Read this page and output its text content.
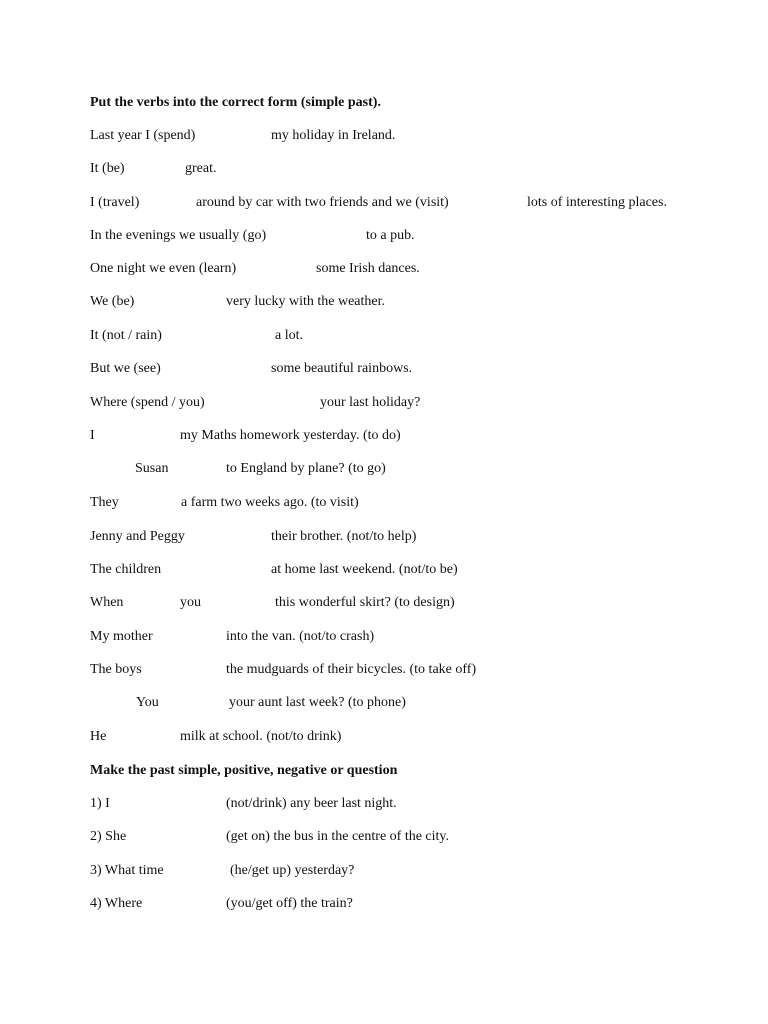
Put the verbs into the correct form (simple past).
Last year I (spend)	my holiday in Ireland.
It (be)	great.
I (travel)	around by car with two friends and we (visit)	lots of interesting places.
In the evenings we usually (go)	to a pub.
One night we even (learn)	some Irish dances.
We (be)	very lucky with the weather.
It (not / rain)	a lot.
But we (see)	some beautiful rainbows.
Where (spend / you)	your last holiday?
I	my Maths homework yesterday. (to do)
Susan	to England by plane? (to go)
They	a farm two weeks ago. (to visit)
Jenny and Peggy	their brother. (not/to help)
The children	at home last weekend. (not/to be)
When	you	this wonderful skirt? (to design)
My mother	into the van. (not/to crash)
The boys	the mudguards of their bicycles. (to take off)
You	your aunt last week? (to phone)
He	milk at school. (not/to drink)
Make the past simple, positive, negative or question
1) I	(not/drink) any beer last night.
2) She	(get on) the bus in the centre of the city.
3) What time	(he/get up) yesterday?
4) Where	(you/get off) the train?
